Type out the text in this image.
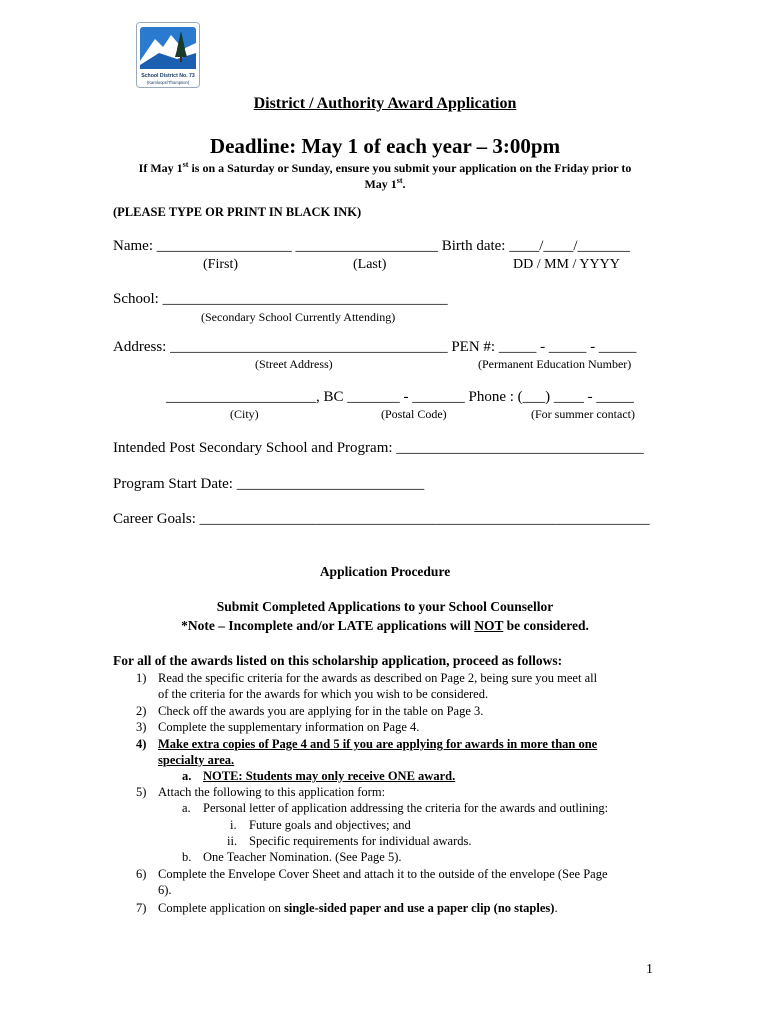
School District No. 73
(Kamloops/Thompson)
District / Authority Award Application
Deadline: May 1 of each year – 3:00pm
If May 1st is on a Saturday or Sunday, ensure you submit your application on the Friday prior to
May 1st.
(PLEASE TYPE OR PRINT IN BLACK INK)
Name: __________________ ___________________ Birth date: ____/____/_______
(First)	(Last)	DD / MM / YYYY
School: ______________________________________
(Secondary School Currently Attending)
Address: _____________________________________ PEN #: _____ - _____ - _____
(Street Address)	(Permanent Education Number)
____________________, BC _______ - _______ Phone : (___) ____ - _____
(City)	(Postal Code)	(For summer contact)
Intended Post Secondary School and Program: _________________________________
Program Start Date: _________________________
Career Goals: ____________________________________________________________
Application Procedure
Submit Completed Applications to your School Counsellor
*Note – Incomplete and/or LATE applications will NOT be considered.
For all of the awards listed on this scholarship application, proceed as follows:
1) Read the specific criteria for the awards as described on Page 2, being sure you meet all
of the criteria for the awards for which you wish to be considered.
2) Check off the awards you are applying for in the table on Page 3.
3) Complete the supplementary information on Page 4.
4) Make extra copies of Page 4 and 5 if you are applying for awards in more than one
specialty area.
a. NOTE: Students may only receive ONE award.
5) Attach the following to this application form:
a. Personal letter of application addressing the criteria for the awards and outlining:
i. Future goals and objectives; and
ii. Specific requirements for individual awards.
b. One Teacher Nomination. (See Page 5).
6) Complete the Envelope Cover Sheet and attach it to the outside of the envelope (See Page
6).
7) Complete application on single-sided paper and use a paper clip (no staples).
1
